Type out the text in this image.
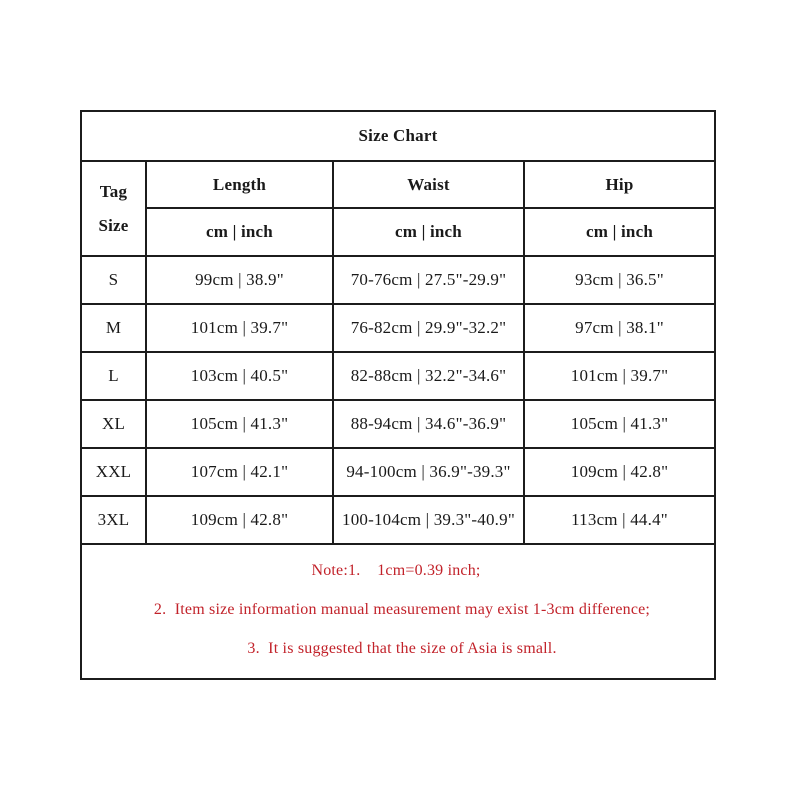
Size Chart			

Tag
Size	Length	Waist	Hip
	cm | inch	cm | inch	cm | inch
S	99cm | 38.9"	70-76cm | 27.5"-29.9"	93cm | 36.5"
M	101cm | 39.7"	76-82cm | 29.9"-32.2"	97cm | 38.1"
L	103cm | 40.5"	82-88cm | 32.2"-34.6"	101cm | 39.7"
XL	105cm | 41.3"	88-94cm | 34.6"-36.9"	105cm | 41.3"
XXL	107cm | 42.1"	94-100cm | 36.9"-39.3"	109cm | 42.8"
3XL	109cm | 42.8"	100-104cm | 39.3"-40.9"	113cm | 44.4"

Note:1.    1cm=0.39 inch;
2.  Item size information manual measurement may exist 1-3cm difference;
3.  It is suggested that the size of Asia is small.			
